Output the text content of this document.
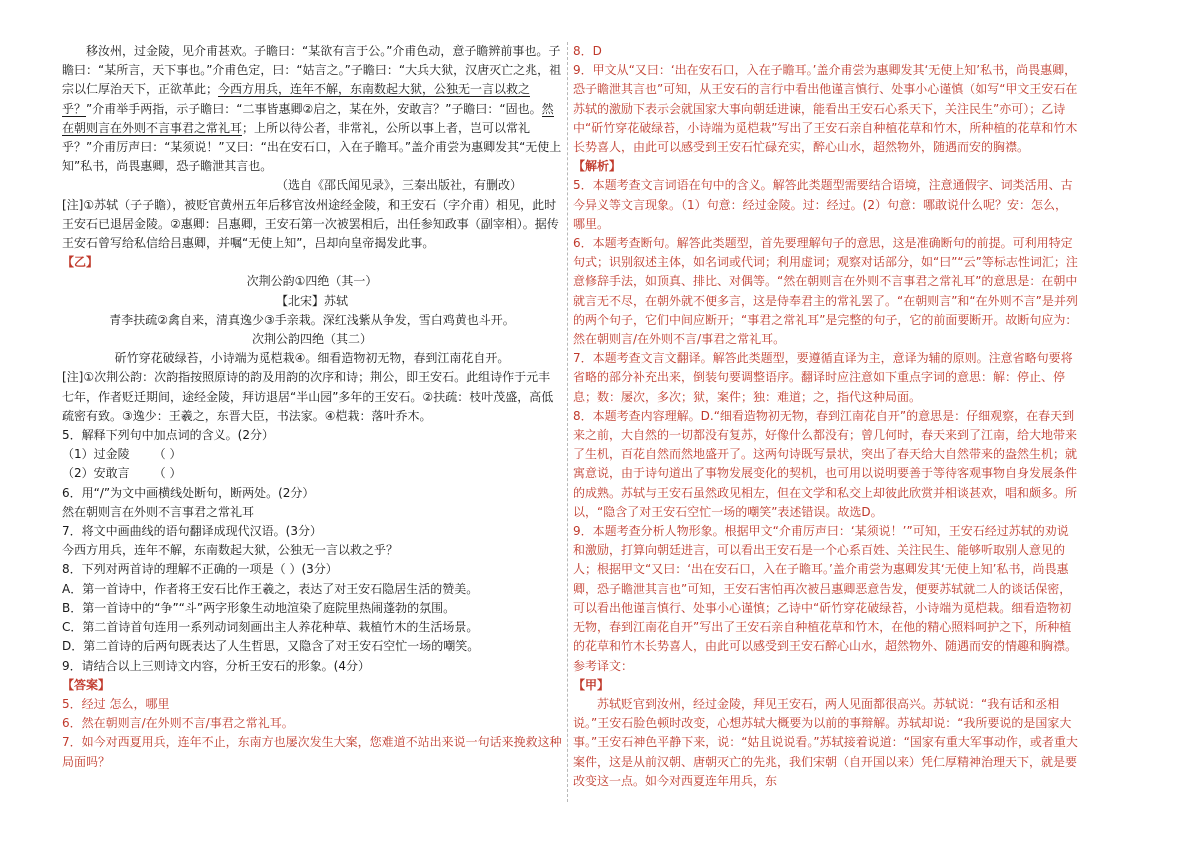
移汝州，过金陵，见介甫甚欢。子瞻曰：“某欲有言于公。”介甫色动，意子瞻辨前事也。子瞻曰：“某所言，天下事也。”介甫色定，曰：“姑言之。”子瞻曰：“大兵大狱，汉唐灭亡之兆，祖宗以仁厚治天下，正欲革此；今西方用兵，连年不解，东南数起大狱，公独无一言以救之乎？”介甫举手两指，示子瞻曰：“二事皆惠卿②启之，某在外，安敢言？”子瞻曰：“固也。然在朝则言在外则不言事君之常礼耳；上所以待公者，非常礼，公所以事上者，岂可以常礼乎？”介甫厉声曰：“某须说！”又曰：“出在安石口，入在子瞻耳。”盖介甫尝为惠卿发其“无使上知”私书，尚畏惠卿，恐子瞻泄其言也。

（选自《邵氏闻见录》，三秦出版社，有删改）

[注]①苏轼（子子瞻），被贬官黄州五年后移官汝州途经金陵，和王安石（字介甫）相见，此时王安石已退居金陵。②惠卿：吕惠卿，王安石第一次被罢相后，出任参知政事（副宰相）。据传王安石曾写给私信给吕惠卿，并嘱“无使上知”，吕却向皇帝揭发此事。

【乙】

次荆公韵①四绝（其一）

【北宋】苏轼

青李扶疏②禽自来，清真逸少③手亲栽。深红浅紫从争发，雪白鸡黄也斗开。

次荆公韵四绝（其二）

斫竹穿花破绿苔，小诗端为觅桤栽④。细看造物初无物，春到江南花自开。

[注]①次荆公韵：次韵指按照原诗的韵及用韵的次序和诗；荆公，即王安石。此组诗作于元丰七年，作者贬迁期间，途经金陵，拜访退居“半山园”多年的王安石。②扶疏：枝叶茂盛，高低疏密有致。③逸少：王羲之，东晋大臣，书法家。④桤栽：落叶乔木。

5．解释下列句中加点词的含义。(2分）

（1）过金陵 （ ）

（2）安敢言 （ ）

6．用“/”为文中画横线处断句，断两处。(2分）

然在朝则言在外则不言事君之常礼耳

7．将文中画曲线的语句翻译成现代汉语。(3分）

今西方用兵，连年不解，东南数起大狱，公独无一言以救之乎？

8．下列对两首诗的理解不正确的一项是（ ）(3分）

A．第一首诗中，作者将王安石比作王羲之，表达了对王安石隐居生活的赞美。

B．第一首诗中的“争”“斗”两字形象生动地渲染了庭院里热闹蓬勃的氛围。

C．第二首诗首句连用一系列动词刻画出主人养花种草、栽植竹木的生活场景。

D．第二首诗的后两句既表达了人生哲思，又隐含了对王安石空忙一场的嘲笑。

9．请结合以上三则诗文内容，分析王安石的形象。(4分）

【答案】

5．经过 怎么，哪里

6．然在朝则言/在外则不言/事君之常礼耳。

7．如今对西夏用兵，连年不止，东南方也屡次发生大案，您难道不站出来说一句话来挽救这种局面吗？

8．D

9．甲文从“又曰：‘出在安石口，入在子瞻耳。’盖介甫尝为惠卿发其‘无使上知’私书，尚畏惠卿，恐子瞻泄其言也”可知，从王安石的言行中看出他谨言慎行、处事小心谨慎（如写“甲文王安石在苏轼的激励下表示会就国家大事向朝廷进谏，能看出王安石心系天下，关注民生”亦可）；乙诗中“斫竹穿花破绿苔，小诗端为觅桤栽”写出了王安石亲自种植花草和竹木，所种植的花草和竹木长势喜人，由此可以感受到王安石忙碌充实，醉心山水，超然物外，随遇而安的胸襟。

【解析】

5．本题考查文言词语在句中的含义。解答此类题型需要结合语境，注意通假字、词类活用、古今异义等文言现象。（1）句意：经过金陵。过：经过。(2）句意：哪敢说什么呢？安：怎么，哪里。

6．本题考查断句。解答此类题型，首先要理解句子的意思，这是准确断句的前提。可利用特定句式；识别叙述主体，如名词或代词；利用虚词；观察对话部分，如“曰”“云”等标志性词汇；注意修辞手法，如顶真、排比、对偶等。“然在朝则言在外则不言事君之常礼耳”的意思是：在朝中就言无不尽，在朝外就不便多言，这是侍奉君主的常礼罢了。“在朝则言”和“在外则不言”是并列的两个句子，它们中间应断开；“事君之常礼耳”是完整的句子，它的前面要断开。故断句应为：然在朝则言/在外则不言/事君之常礼耳。

7．本题考查文言文翻译。解答此类题型，要遵循直译为主，意译为辅的原则。注意省略句要将省略的部分补充出来，倒装句要调整语序。翻译时应注意如下重点字词的意思：解：停止、停息；数：屡次，多次；狱，案件；独：难道；之，指代这种局面。

8．本题考查内容理解。D.“细看造物初无物，春到江南花自开”的意思是：仔细观察，在春天到来之前，大自然的一切都没有复苏，好像什么都没有；曾几何时，春天来到了江南，给大地带来了生机，百花自然而然地盛开了。这两句诗既写景状，突出了春天给大自然带来的盎然生机；就寓意说，由于诗句道出了事物发展变化的契机，也可用以说明要善于等待客观事物自身发展条件的成熟。苏轼与王安石虽然政见相左，但在文学和私交上却彼此欣赏并相谈甚欢，唱和颇多。所以，“隐含了对王安石空忙一场的嘲笑”表述错误。故选D。

9．本题考查分析人物形象。根据甲文“介甫厉声曰：‘某须说！’”可知，王安石经过苏轼的劝说和激励，打算向朝廷进言，可以看出王安石是一个心系百姓、关注民生、能够听取别人意见的人；根据甲文“又曰：‘出在安石口，入在子瞻耳。’盖介甫尝为惠卿发其‘无使上知’私书，尚畏惠卿，恐子瞻泄其言也”可知，王安石害怕再次被吕惠卿恶意告发，便要苏轼就二人的谈话保密，可以看出他谨言慎行、处事小心谨慎；乙诗中“斫竹穿花破绿苔，小诗端为觅桤栽。细看造物初无物，春到江南花自开”写出了王安石亲自种植花草和竹木，在他的精心照料呵护之下，所种植的花草和竹木长势喜人，由此可以感受到王安石醉心山水，超然物外、随遇而安的情趣和胸襟。

参考译文：

【甲】

苏轼贬官到汝州，经过金陵，拜见王安石，两人见面都很高兴。苏轼说：“我有话和丞相说。”王安石脸色顿时改变，心想苏轼大概要为以前的事辩解。苏轼却说：“我所要说的是国家大事。”王安石神色平静下来，说：“姑且说说看。”苏轼接着说道：“国家有重大军事动作，或者重大案件，这是从前汉朝、唐朝灭亡的先兆，我们宋朝（自开国以来）凭仁厚精神治理天下，就是要改变这一点。如今对西夏连年用兵，东
